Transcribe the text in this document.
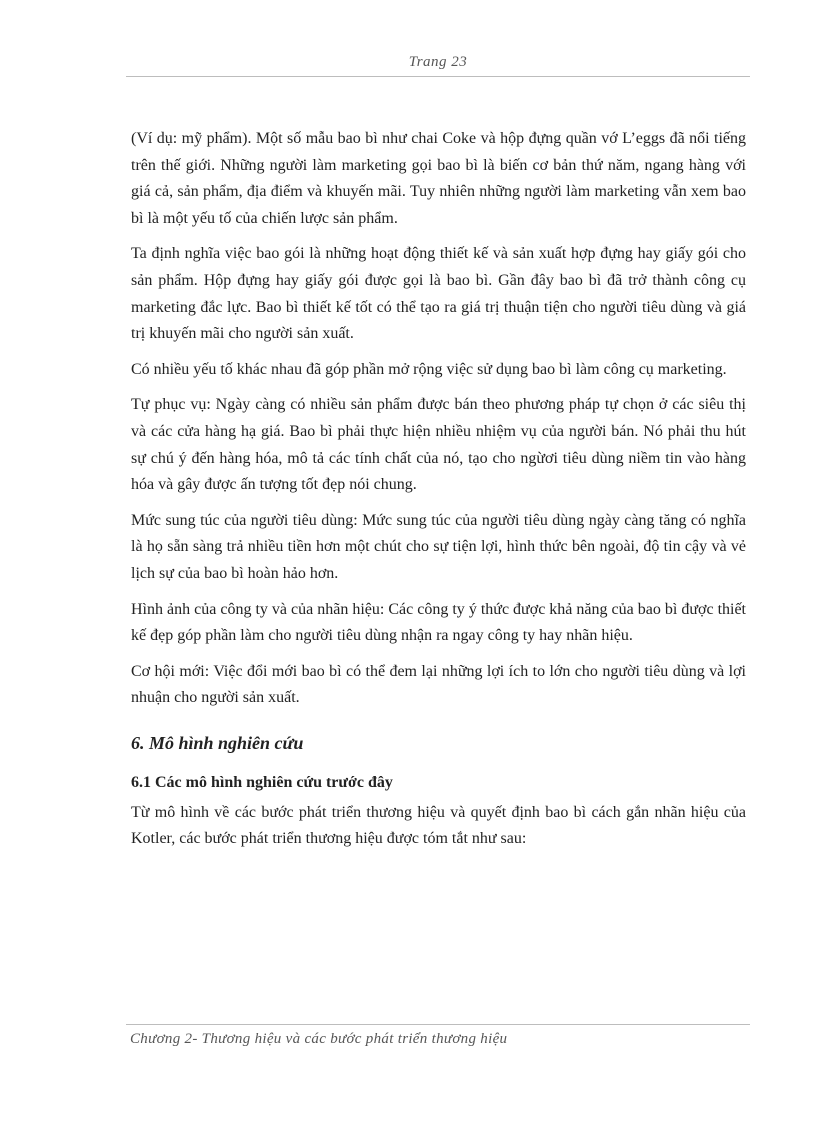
Trang 23

(Ví dụ: mỹ phẩm). Một số mẫu bao bì như chai Coke và hộp đựng quần vớ L’eggs đã nổi tiếng trên thế giới. Những người làm marketing gọi bao bì là biến cơ bản thứ năm, ngang hàng với giá cả, sản phẩm, địa điểm và khuyến mãi. Tuy nhiên những người làm marketing vẫn xem bao bì là một yếu tố của chiến lược sản phẩm.

Ta định nghĩa việc bao gói là những hoạt động thiết kế và sản xuất hợp đựng hay giấy gói cho sản phẩm. Hộp đựng hay giấy gói được gọi là bao bì. Gần đây bao bì đã trở thành công cụ marketing đắc lực. Bao bì thiết kế tốt có thể tạo ra giá trị thuận tiện cho người tiêu dùng và giá trị khuyến mãi cho người sản xuất.

Có nhiều yếu tố khác nhau đã góp phần mở rộng việc sử dụng bao bì làm công cụ marketing.

Tự phục vụ: Ngày càng có nhiều sản phẩm được bán theo phương pháp tự chọn ở các siêu thị và các cửa hàng hạ giá. Bao bì phải thực hiện nhiều nhiệm vụ của người bán. Nó phải thu hút sự chú ý đến hàng hóa, mô tả các tính chất của nó, tạo cho ngừơi tiêu dùng niềm tin vào hàng hóa và gây được ấn tượng tốt đẹp nói chung.

Mức sung túc của người tiêu dùng: Mức sung túc của người tiêu dùng ngày càng tăng có nghĩa là họ sẵn sàng trả nhiều tiền hơn một chút cho sự tiện lợi, hình thức bên ngoài, độ tin cậy và vẻ lịch sự của bao bì hoàn hảo hơn.

Hình ảnh của công ty và của nhãn hiệu: Các công ty ý thức được khả năng của bao bì được thiết kế đẹp góp phần làm cho người tiêu dùng nhận ra ngay công ty hay nhãn hiệu.

Cơ hội mới: Việc đổi mới bao bì có thể đem lại những lợi ích to lớn cho người tiêu dùng và lợi nhuận cho người sản xuất.

6. Mô hình nghiên cứu
6.1 Các mô hình nghiên cứu trước đây

Từ mô hình về các bước phát triển thương hiệu và quyết định bao bì cách gắn nhãn hiệu của Kotler, các bước phát triển thương hiệu được tóm tắt như sau:

Chương 2- Thương hiệu và các bước phát triển thương hiệu
